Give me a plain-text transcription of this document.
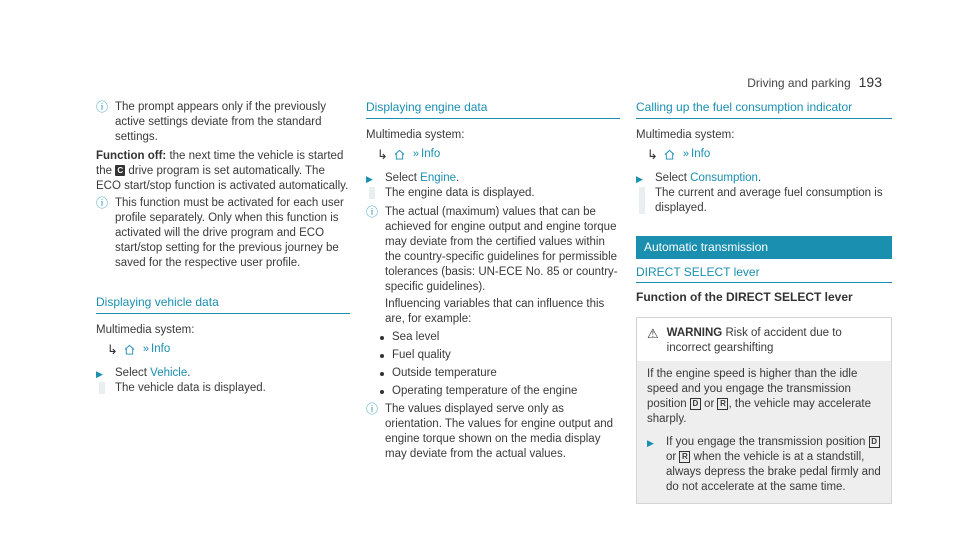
Driving and parking 193
ⓘ The prompt appears only if the previously active settings deviate from the standard settings.

Function off: the next time the vehicle is started the C drive program is set automatically. The ECO start/stop function is activated automatically.

ⓘ This function must be activated for each user profile separately. Only when this function is activated will the drive program and ECO start/stop setting for the previous journey be saved for the respective user profile.

Displaying vehicle data

Multimedia system:

↳ » Info
▶ Select Vehicle.

The vehicle data is displayed.

Displaying engine data

Multimedia system:

↳ » Info
▶ Select Engine.

The engine data is displayed.

ⓘ The actual (maximum) values that can be achieved for engine output and engine torque may deviate from the certified values within the country-specific guidelines for permissible tolerances (basis: UN-ECE No. 85 or country-specific guidelines).

Influencing variables that can influence this are, for example:

Sea level
Fuel quality
Outside temperature
Operating temperature of the engine
ⓘ The values displayed serve only as orientation. The values for engine output and engine torque shown on the media display may deviate from the actual values.

Calling up the fuel consumption indicator

Multimedia system:

↳ » Info
▶ Select Consumption.

The current and average fuel consumption is displayed.

Automatic transmission
DIRECT SELECT lever
Function of the DIRECT SELECT lever
⚠ WARNING Risk of accident due to incorrect gearshifting

If the engine speed is higher than the idle speed and you engage the transmission position D or R , the vehicle may accelerate sharply.

▶ If you engage the transmission position D or R when the vehicle is at a standstill, always depress the brake pedal firmly and do not accelerate at the same time.
